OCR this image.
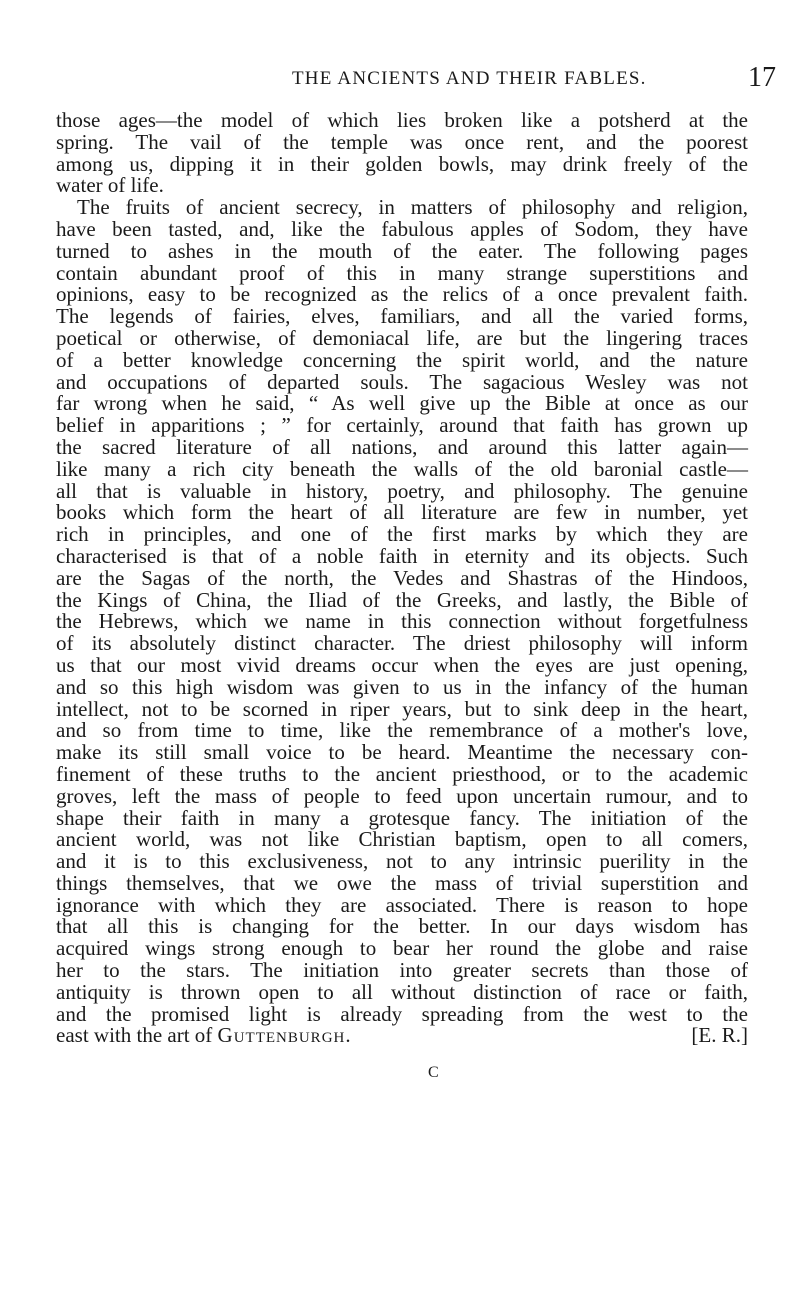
THE ANCIENTS AND THEIR FABLES.	17
those ages—the model of which lies broken like a potsherd at the
spring. The vail of the temple was once rent, and the poorest
among us, dipping it in their golden bowls, may drink freely of the
water of life.
The fruits of ancient secrecy, in matters of philosophy and religion,
have been tasted, and, like the fabulous apples of Sodom, they have
turned to ashes in the mouth of the eater. The following pages
contain abundant proof of this in many strange superstitions and
opinions, easy to be recognized as the relics of a once prevalent faith.
The legends of fairies, elves, familiars, and all the varied forms,
poetical or otherwise, of demoniacal life, are but the lingering traces
of a better knowledge concerning the spirit world, and the nature
and occupations of departed souls. The sagacious Wesley was not
far wrong when he said, “ As well give up the Bible at once as our
belief in apparitions ; ” for certainly, around that faith has grown up
the sacred literature of all nations, and around this latter again—
like many a rich city beneath the walls of the old baronial castle—
all that is valuable in history, poetry, and philosophy. The genuine
books which form the heart of all literature are few in number, yet
rich in principles, and one of the first marks by which they are
characterised is that of a noble faith in eternity and its objects. Such
are the Sagas of the north, the Vedes and Shastras of the Hindoos,
the Kings of China, the Iliad of the Greeks, and lastly, the Bible of
the Hebrews, which we name in this connection without forgetfulness
of its absolutely distinct character. The driest philosophy will inform
us that our most vivid dreams occur when the eyes are just opening,
and so this high wisdom was given to us in the infancy of the human
intellect, not to be scorned in riper years, but to sink deep in the heart,
and so from time to time, like the remembrance of a mother's love,
make its still small voice to be heard. Meantime the necessary con-
finement of these truths to the ancient priesthood, or to the academic
groves, left the mass of people to feed upon uncertain rumour, and to
shape their faith in many a grotesque fancy. The initiation of the
ancient world, was not like Christian baptism, open to all comers,
and it is to this exclusiveness, not to any intrinsic puerility in the
things themselves, that we owe the mass of trivial superstition and
ignorance with which they are associated. There is reason to hope
that all this is changing for the better. In our days wisdom has
acquired wings strong enough to bear her round the globe and raise
her to the stars. The initiation into greater secrets than those of
antiquity is thrown open to all without distinction of race or faith,
and the promised light is already spreading from the west to the
east with the art of Guttenburgh.	[E. R.]
C
